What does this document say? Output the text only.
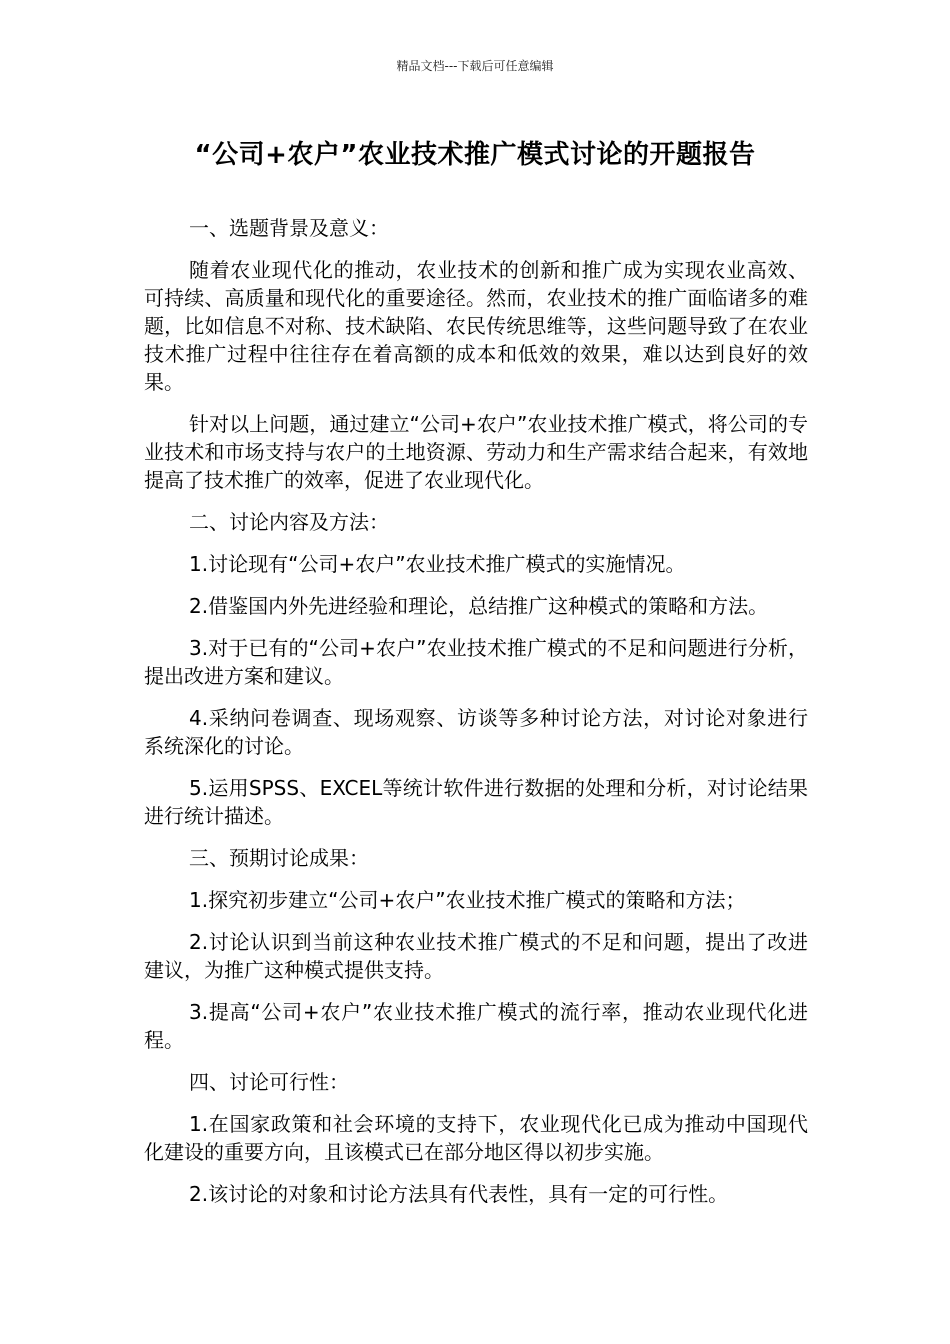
精品文档---下载后可任意编辑
“公司+农户”农业技术推广模式讨论的开题报告

一、选题背景及意义：

随着农业现代化的推动，农业技术的创新和推广成为实现农业高效、可持续、高质量和现代化的重要途径。然而，农业技术的推广面临诸多的难题，比如信息不对称、技术缺陷、农民传统思维等，这些问题导致了在农业技术推广过程中往往存在着高额的成本和低效的效果，难以达到良好的效果。

针对以上问题，通过建立“公司+农户”农业技术推广模式，将公司的专业技术和市场支持与农户的土地资源、劳动力和生产需求结合起来，有效地提高了技术推广的效率，促进了农业现代化。

二、讨论内容及方法：

1.讨论现有“公司+农户”农业技术推广模式的实施情况。

2.借鉴国内外先进经验和理论，总结推广这种模式的策略和方法。

3.对于已有的“公司+农户”农业技术推广模式的不足和问题进行分析，提出改进方案和建议。

4.采纳问卷调查、现场观察、访谈等多种讨论方法，对讨论对象进行系统深化的讨论。

5.运用SPSS、EXCEL等统计软件进行数据的处理和分析，对讨论结果进行统计描述。

三、预期讨论成果：

1.探究初步建立“公司+农户”农业技术推广模式的策略和方法；

2.讨论认识到当前这种农业技术推广模式的不足和问题，提出了改进建议，为推广这种模式提供支持。

3.提高“公司+农户”农业技术推广模式的流行率，推动农业现代化进程。

四、讨论可行性：

1.在国家政策和社会环境的支持下，农业现代化已成为推动中国现代化建设的重要方向，且该模式已在部分地区得以初步实施。

2.该讨论的对象和讨论方法具有代表性，具有一定的可行性。
